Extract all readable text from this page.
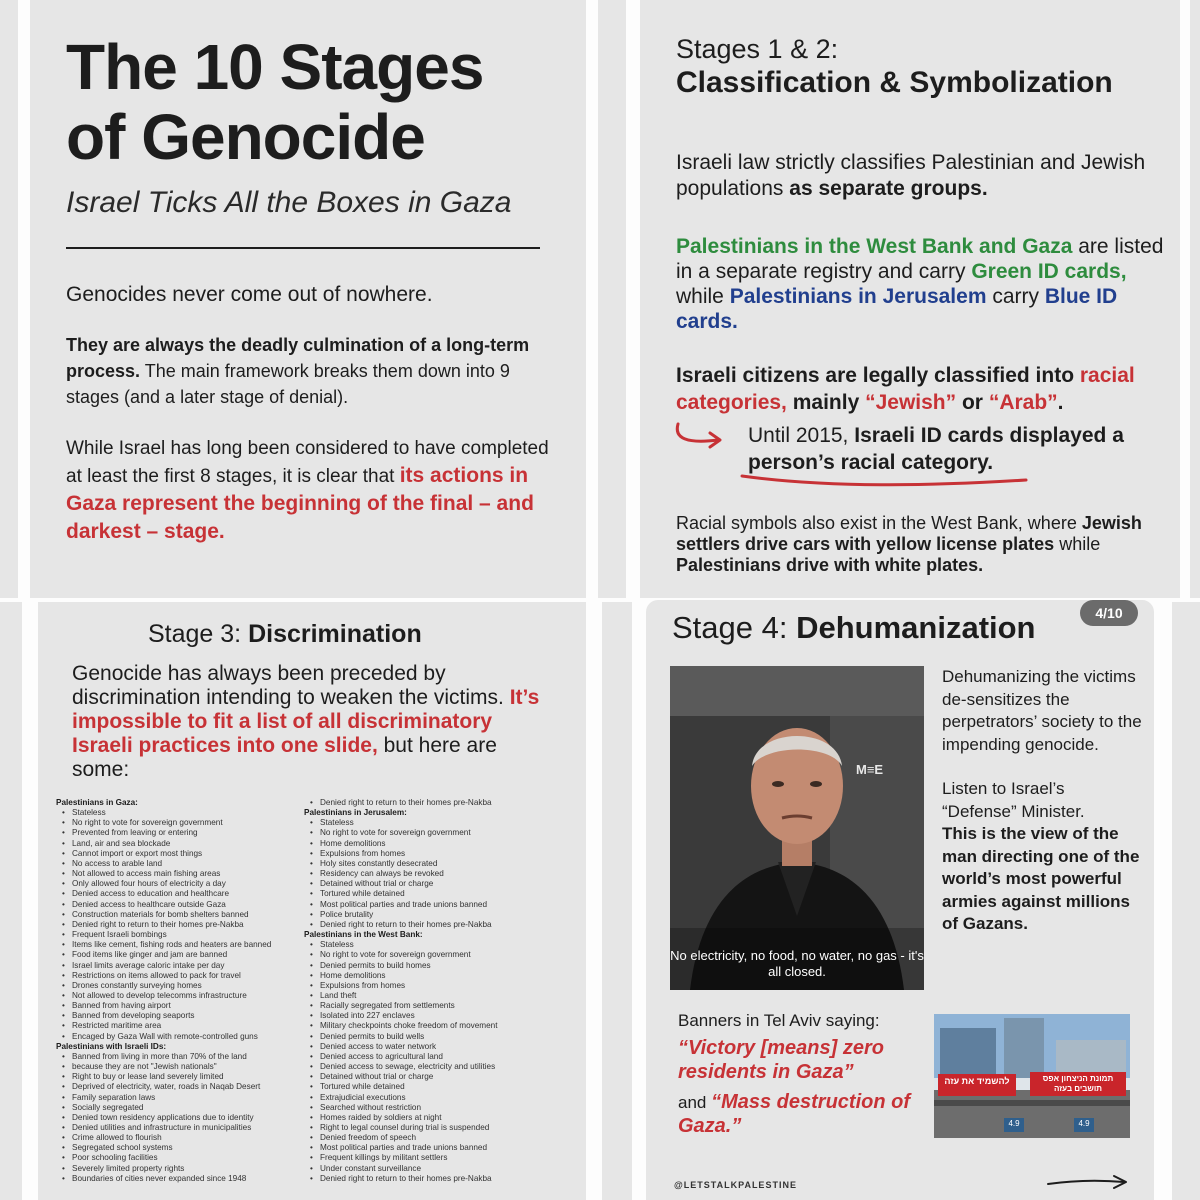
The 10 Stages
of Genocide
Israel Ticks All the Boxes in Gaza
Genocides never come out of nowhere.
They are always the deadly culmination of a long-term process. The main framework breaks them down into 9 stages (and a later stage of denial).
While Israel has long been considered to have completed at least the first 8 stages, it is clear that its actions in Gaza represent the beginning of the final – and darkest – stage.
Stages 1 & 2:
Classification & Symbolization
Israeli law strictly classifies Palestinian and Jewish populations as separate groups.
Palestinians in the West Bank and Gaza are listed in a separate registry and carry Green ID cards, while Palestinians in Jerusalem carry Blue ID cards.
Israeli citizens are legally classified into racial categories, mainly “Jewish” or “Arab”.
Until 2015, Israeli ID cards displayed a person’s racial category.
Racial symbols also exist in the West Bank, where Jewish settlers drive cars with yellow license plates while Palestinians drive with white plates.
Stage 3: Discrimination
Genocide has always been preceded by discrimination intending to weaken the victims. It’s impossible to fit a list of all discriminatory Israeli practices into one slide, but here are some:
Palestinians in Gaza:
• Stateless
• No right to vote for sovereign government
• Prevented from leaving or entering
• Land, air and sea blockade
• Cannot import or export most things
• No access to arable land
• Not allowed to access main fishing areas
• Only allowed four hours of electricity a day
• Denied access to education and healthcare
• Denied access to healthcare outside Gaza
• Construction materials for bomb shelters banned
• Denied right to return to their homes pre-Nakba
• Frequent Israeli bombings
• Items like cement, fishing rods and heaters are banned
• Food items like ginger and jam are banned
• Israel limits average caloric intake per day
• Restrictions on items allowed to pack for travel
• Drones constantly surveying homes
• Not allowed to develop telecomms infrastructure
• Banned from having airport
• Banned from developing seaports
• Restricted maritime area
• Encaged by Gaza Wall with remote-controlled guns
Palestinians with Israeli IDs:
• Banned from living in more than 70% of the land
• because they are not "Jewish nationals"
• Right to buy or lease land severely limited
• Deprived of electricity, water, roads in Naqab Desert
• Family separation laws
• Socially segregated
• Denied town residency applications due to identity
• Denied utilities and infrastructure in municipalities
• Crime allowed to flourish
• Segregated school systems
• Poor schooling facilities
• Severely limited property rights
• Boundaries of cities never expanded since 1948
• Denied right to return to their homes pre-Nakba
Palestinians in Jerusalem:
• Stateless
• No right to vote for sovereign government
• Home demolitions
• Expulsions from homes
• Holy sites constantly desecrated
• Residency can always be revoked
• Detained without trial or charge
• Tortured while detained
• Most political parties and trade unions banned
• Police brutality
• Denied right to return to their homes pre-Nakba
Palestinians in the West Bank:
• Stateless
• No right to vote for sovereign government
• Denied permits to build homes
• Home demolitions
• Expulsions from homes
• Land theft
• Racially segregated from settlements
• Isolated into 227 enclaves
• Military checkpoints choke freedom of movement
• Denied permits to build wells
• Denied access to water network
• Denied access to agricultural land
• Denied access to sewage, electricity and utilities
• Detained without trial or charge
• Tortured while detained
• Extrajudicial executions
• Searched without restriction
• Homes raided by soldiers at night
• Right to legal counsel during trial is suspended
• Denied freedom of speech
• Most political parties and trade unions banned
• Frequent killings by militant settlers
• Under constant surveillance
• Denied right to return to their homes pre-Nakba
Stage 4: Dehumanization	4/10
M≡E
No electricity, no food, no water, no gas - it's all closed.
Dehumanizing the victims de-sensitizes the perpetrators’ society to the impending genocide.
Listen to Israel’s “Defense” Minister.
This is the view of the man directing one of the world’s most powerful armies against millions of Gazans.
Banners in Tel Aviv saying:
“Victory [means] zero residents in Gaza”
and “Mass destruction of Gaza.”
להשמיד את עזה	תמונת הניצחון אפס תושבים בעזה
4.9	4.9
@LETSTALKPALESTINE
